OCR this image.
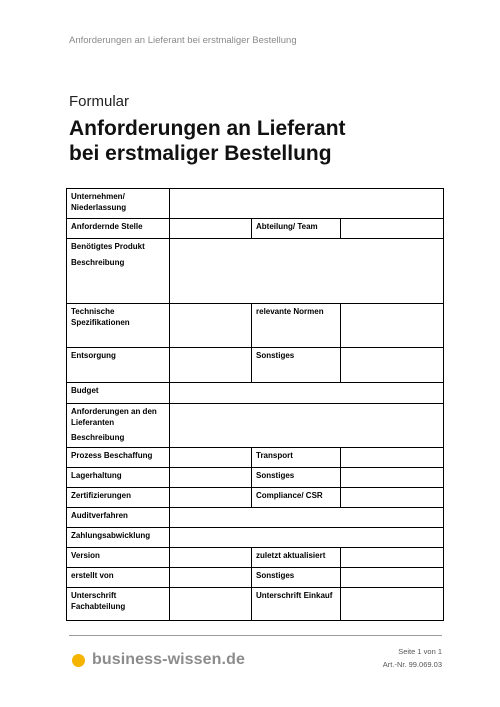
Anforderungen an Lieferant bei erstmaliger Bestellung
Formular
Anforderungen an Lieferant
bei erstmaliger Bestellung
Unternehmen/ Niederlassung			
Anfordernde Stelle		Abteilung/ Team	
Benötigtes Produkt
Beschreibung			

Technische Spezifikationen		relevante Normen	
Entsorgung		Sonstiges	
Budget			
Anforderungen an den Lieferanten
Beschreibung			

Prozess Beschaffung		Transport	
Lagerhaltung		Sonstiges	
Zertifizierungen		Compliance/ CSR	
Auditverfahren			
Zahlungsabwicklung			
Version		zuletzt aktualisiert	
erstellt von		Sonstiges	
Unterschrift Fachabteilung		Unterschrift Einkauf	
business-wissen.de	Seite 1 von 1
Art.-Nr. 99.069.03
